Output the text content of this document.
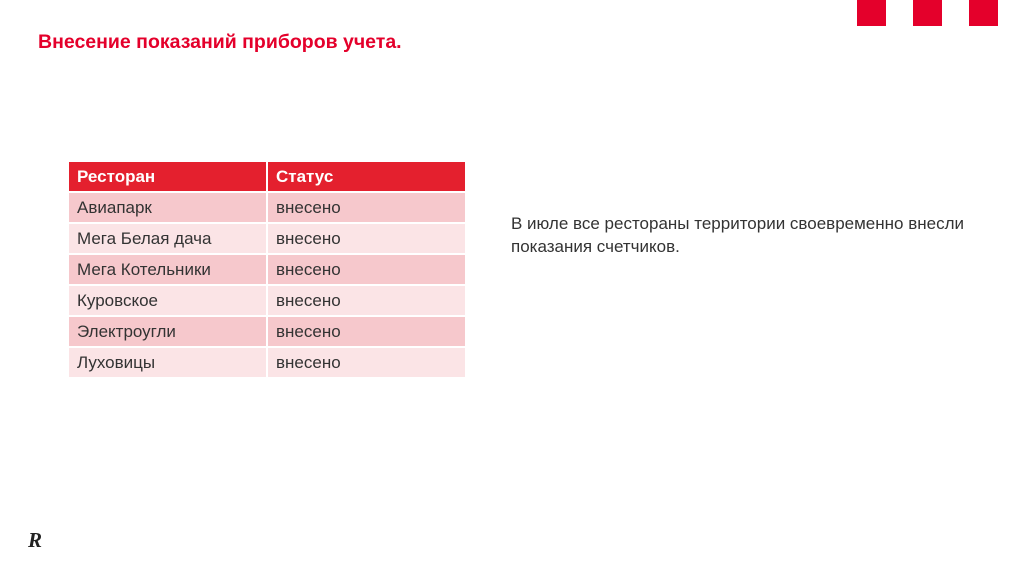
Внесение показаний приборов учета.
Ресторан	Статус
Авиапарк	внесено
Мега Белая дача	внесено
Мега Котельники	внесено
Куровское	внесено
Электроугли	внесено
Луховицы	внесено
В июле все рестораны территории своевременно внесли показания счетчиков.
R
